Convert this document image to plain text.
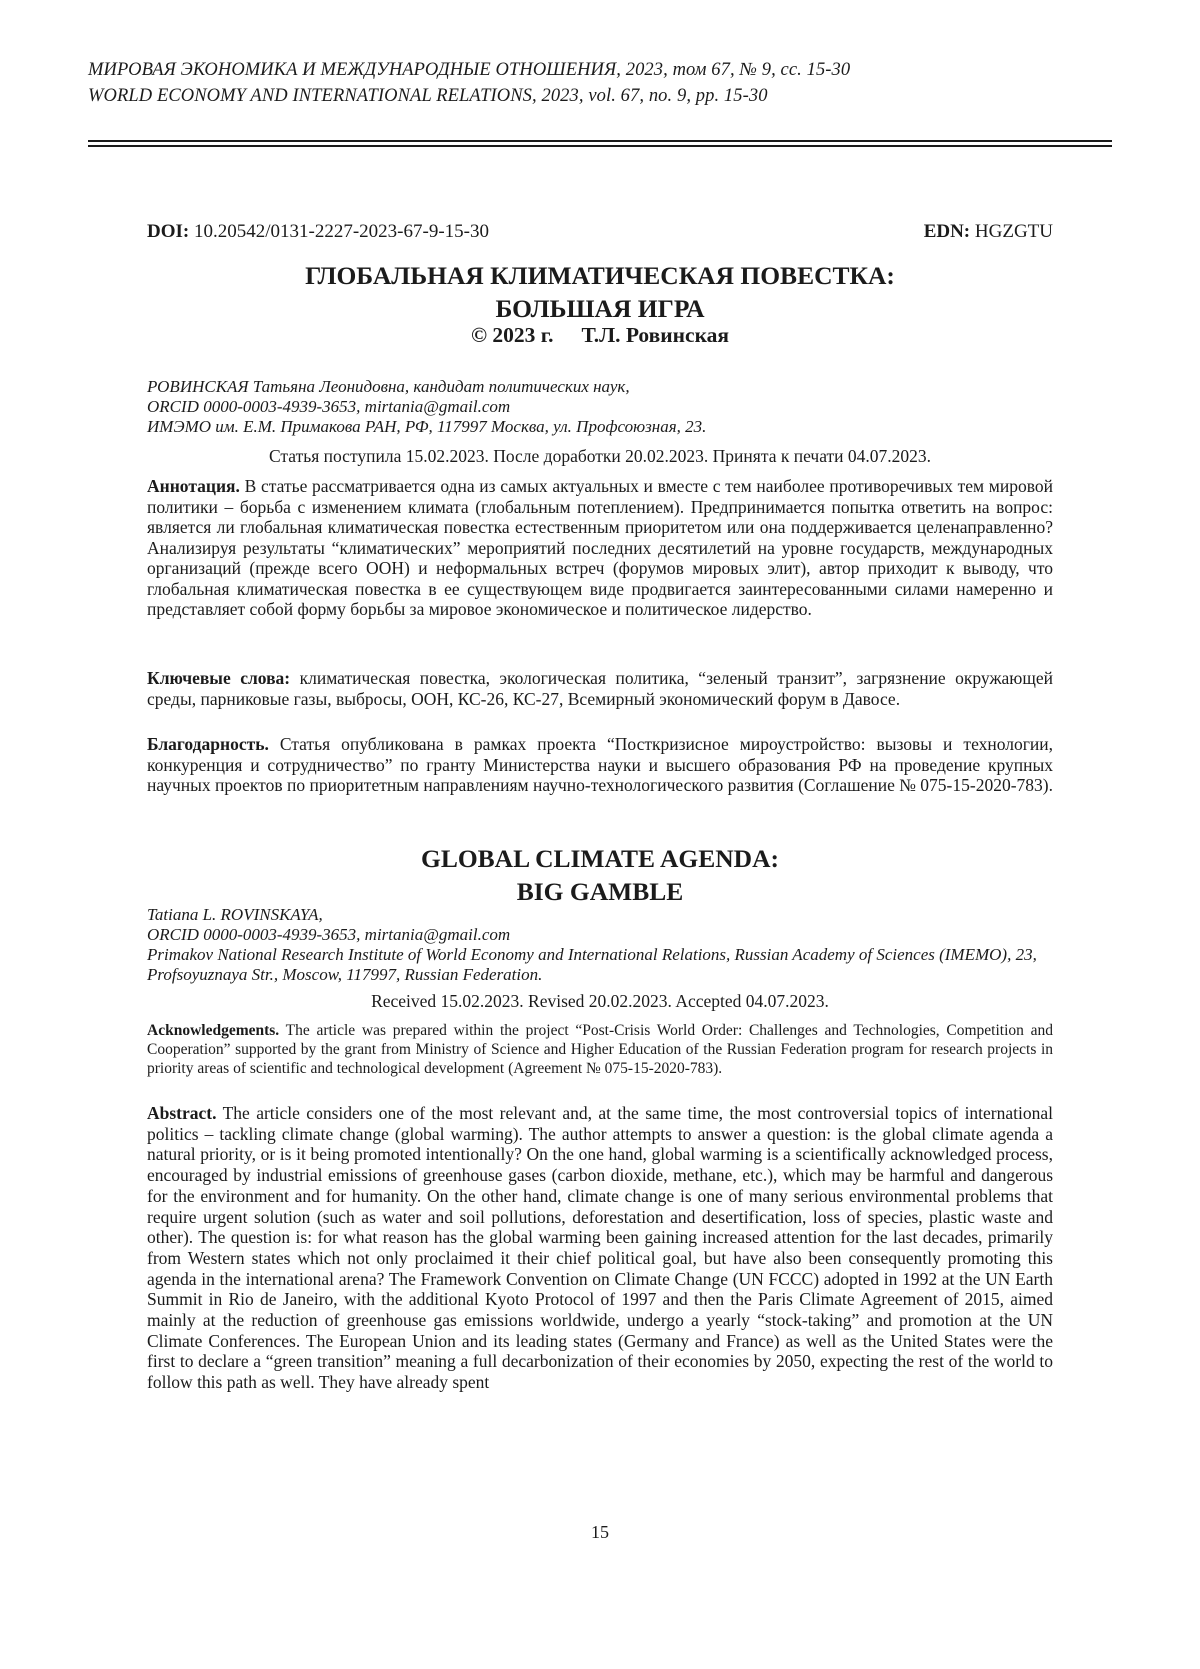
МИРОВАЯ ЭКОНОМИКА И МЕЖДУНАРОДНЫЕ ОТНОШЕНИЯ, 2023, том 67, № 9, сс. 15-30
WORLD ECONOMY AND INTERNATIONAL RELATIONS, 2023, vol. 67, no. 9, pp. 15-30
DOI: 10.20542/0131-2227-2023-67-9-15-30	EDN: HGZGTU
ГЛОБАЛЬНАЯ КЛИМАТИЧЕСКАЯ ПОВЕСТКА:
БОЛЬШАЯ ИГРА
© 2023 г. Т.Л. Ровинская
РОВИНСКАЯ Татьяна Леонидовна, кандидат политических наук,
ORCID 0000-0003-4939-3653, mirtania@gmail.com
ИМЭМО им. Е.М. Примакова РАН, РФ, 117997 Москва, ул. Профсоюзная, 23.
Статья поступила 15.02.2023. После доработки 20.02.2023. Принята к печати 04.07.2023.
Аннотация. В статье рассматривается одна из самых актуальных и вместе с тем наиболее противоречивых тем мировой политики – борьба с изменением климата (глобальным потеплением). Предпринимается попытка ответить на вопрос: является ли глобальная климатическая повестка естественным приоритетом или она поддерживается целенаправленно? Анализируя результаты “климатических” мероприятий последних десятилетий на уровне государств, международных организаций (прежде всего ООН) и неформальных встреч (форумов мировых элит), автор приходит к выводу, что глобальная климатическая повестка в ее существующем виде продвигается заинтересованными силами намеренно и представляет собой форму борьбы за мировое экономическое и политическое лидерство.
Ключевые слова: климатическая повестка, экологическая политика, “зеленый транзит”, загрязнение окружающей среды, парниковые газы, выбросы, ООН, КС-26, КС-27, Всемирный экономический форум в Давосе.
Благодарность. Статья опубликована в рамках проекта “Посткризисное мироустройство: вызовы и технологии, конкуренция и сотрудничество” по гранту Министерства науки и высшего образования РФ на проведение крупных научных проектов по приоритетным направлениям научно-технологического развития (Соглашение № 075-15-2020-783).
GLOBAL CLIMATE AGENDA:
BIG GAMBLE
Tatiana L. ROVINSKAYA,
ORCID 0000-0003-4939-3653, mirtania@gmail.com
Primakov National Research Institute of World Economy and International Relations, Russian Academy of Sciences (IMEMO), 23, Profsoyuznaya Str., Moscow, 117997, Russian Federation.
Received 15.02.2023. Revised 20.02.2023. Accepted 04.07.2023.
Acknowledgements. The article was prepared within the project “Post-Crisis World Order: Challenges and Technologies, Competition and Cooperation” supported by the grant from Ministry of Science and Higher Education of the Russian Federation program for research projects in priority areas of scientific and technological development (Agreement № 075-15-2020-783).
Abstract. The article considers one of the most relevant and, at the same time, the most controversial topics of international politics – tackling climate change (global warming). The author attempts to answer a question: is the global climate agenda a natural priority, or is it being promoted intentionally? On the one hand, global warming is a scientifically acknowledged process, encouraged by industrial emissions of greenhouse gases (carbon dioxide, methane, etc.), which may be harmful and dangerous for the environment and for humanity. On the other hand, climate change is one of many serious environmental problems that require urgent solution (such as water and soil pollutions, deforestation and desertification, loss of species, plastic waste and other). The question is: for what reason has the global warming been gaining increased attention for the last decades, primarily from Western states which not only proclaimed it their chief political goal, but have also been consequently promoting this agenda in the international arena? The Framework Convention on Climate Change (UN FCCC) adopted in 1992 at the UN Earth Summit in Rio de Janeiro, with the additional Kyoto Protocol of 1997 and then the Paris Climate Agreement of 2015, aimed mainly at the reduction of greenhouse gas emissions worldwide, undergo a yearly “stock-taking” and promotion at the UN Climate Conferences. The European Union and its leading states (Germany and France) as well as the United States were the first to declare a “green transition” meaning a full decarbonization of their economies by 2050, expecting the rest of the world to follow this path as well. They have already spent
15
